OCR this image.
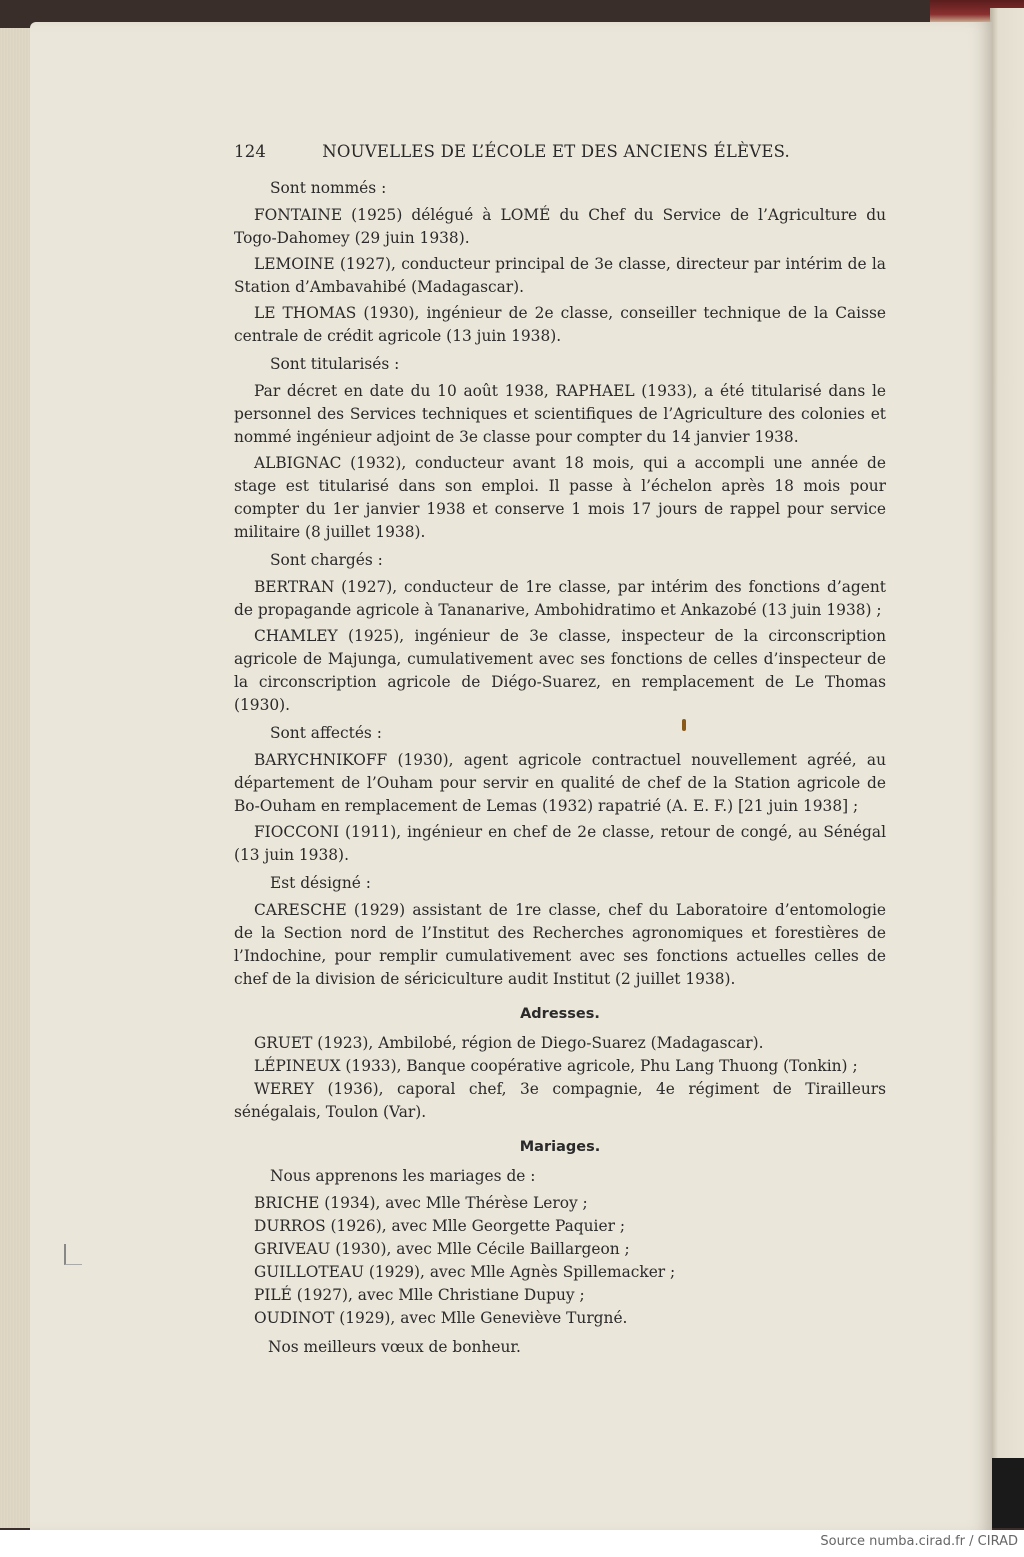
124	NOUVELLES DE L’ÉCOLE ET DES ANCIENS ÉLÈVES.
Sont nommés :
FONTAINE (1925) délégué à LOMÉ du Chef du Service de l’Agriculture du Togo-Dahomey (29 juin 1938).
LEMOINE (1927), conducteur principal de 3e classe, directeur par intérim de la Station d’Ambavahibé (Madagascar).
LE THOMAS (1930), ingénieur de 2e classe, conseiller technique de la Caisse centrale de crédit agricole (13 juin 1938).
Sont titularisés :
Par décret en date du 10 août 1938, RAPHAEL (1933), a été titularisé dans le personnel des Services techniques et scientifiques de l’Agriculture des colonies et nommé ingénieur adjoint de 3e classe pour compter du 14 janvier 1938.
ALBIGNAC (1932), conducteur avant 18 mois, qui a accompli une année de stage est titularisé dans son emploi. Il passe à l’échelon après 18 mois pour compter du 1er janvier 1938 et conserve 1 mois 17 jours de rappel pour service militaire (8 juillet 1938).
Sont chargés :
BERTRAN (1927), conducteur de 1re classe, par intérim des fonctions d’agent de propagande agricole à Tananarive, Ambohidratimo et Ankazobé (13 juin 1938) ;
CHAMLEY (1925), ingénieur de 3e classe, inspecteur de la circonscription agricole de Majunga, cumulativement avec ses fonctions de celles d’inspecteur de la circonscription agricole de Diégo-Suarez, en remplacement de Le Thomas (1930).
Sont affectés :
BARYCHNIKOFF (1930), agent agricole contractuel nouvellement agréé, au département de l’Ouham pour servir en qualité de chef de la Station agricole de Bo-Ouham en remplacement de Lemas (1932) rapatrié (A. E. F.) [21 juin 1938] ;
FIOCCONI (1911), ingénieur en chef de 2e classe, retour de congé, au Sénégal (13 juin 1938).
Est désigné :
CARESCHE (1929) assistant de 1re classe, chef du Laboratoire d’entomologie de la Section nord de l’Institut des Recherches agronomiques et forestières de l’Indochine, pour remplir cumulativement avec ses fonctions actuelles celles de chef de la division de sériciculture audit Institut (2 juillet 1938).
Adresses.
GRUET (1923), Ambilobé, région de Diego-Suarez (Madagascar).
LÉPINEUX (1933), Banque coopérative agricole, Phu Lang Thuong (Tonkin) ;
WEREY (1936), caporal chef, 3e compagnie, 4e régiment de Tirailleurs sénégalais, Toulon (Var).
Mariages.
Nous apprenons les mariages de :
BRICHE (1934), avec Mlle Thérèse Leroy ;
DURROS (1926), avec Mlle Georgette Paquier ;
GRIVEAU (1930), avec Mlle Cécile Baillargeon ;
GUILLOTEAU (1929), avec Mlle Agnès Spillemacker ;
PILÉ (1927), avec Mlle Christiane Dupuy ;
OUDINOT (1929), avec Mlle Geneviève Turgné.
Nos meilleurs vœux de bonheur.
Source numba.cirad.fr / CIRAD
